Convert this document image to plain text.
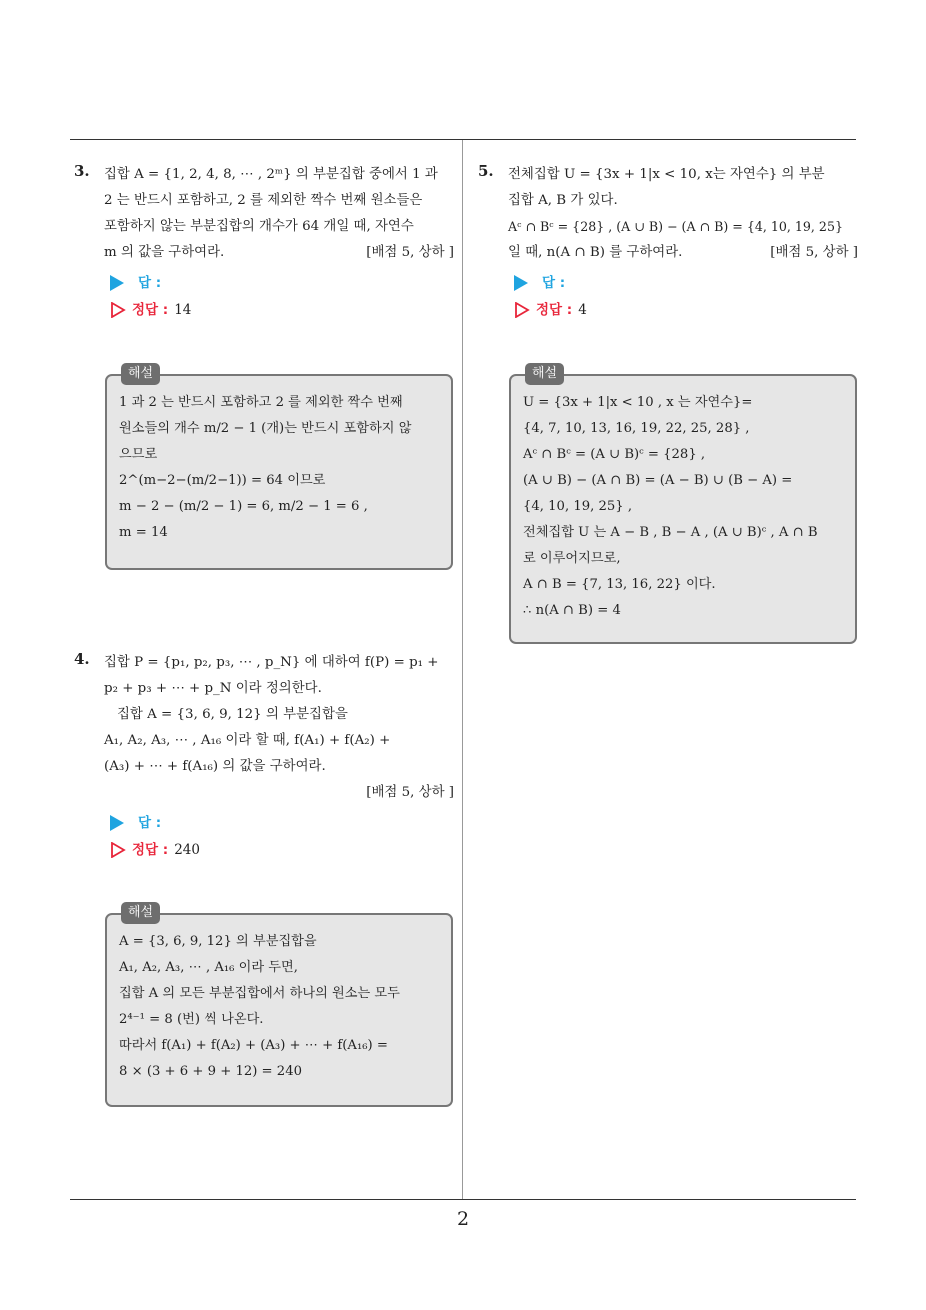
2
3. 집합 A = {1, 2, 4, 8, ⋯ , 2ᵐ} 의 부분집합 중에서 1 과
2 는 반드시 포함하고, 2 를 제외한 짝수 번째 원소들은
포함하지 않는 부분집합의 개수가 64 개일 때, 자연수
m 의 값을 구하여라.	[배점 5, 상하 ]
답 :
정답 : 14
해설
1 과 2 는 반드시 포함하고 2 를 제외한 짝수 번째
원소들의 개수 m/2 − 1 (개)는 반드시 포함하지 않
으므로
2^(m−2−(m/2−1)) = 64 이므로
m − 2 − (m/2 − 1) = 6, m/2 − 1 = 6 ,
m = 14
4. 집합 P = {p₁, p₂, p₃, ⋯ , p_N} 에 대하여 f(P) = p₁ +
p₂ + p₃ + ⋯ + p_N 이라 정의한다.
집합 A = {3, 6, 9, 12} 의 부분집합을
A₁, A₂, A₃, ⋯ , A₁₆ 이라 할 때, f(A₁) + f(A₂) +
(A₃) + ⋯ + f(A₁₆) 의 값을 구하여라.
[배점 5, 상하 ]
답 :
정답 : 240
해설
A = {3, 6, 9, 12} 의 부분집합을
A₁, A₂, A₃, ⋯ , A₁₆ 이라 두면,
집합 A 의 모든 부분집합에서 하나의 원소는 모두
2⁴⁻¹ = 8 (번) 씩 나온다.
따라서 f(A₁) + f(A₂) + (A₃) + ⋯ + f(A₁₆) =
8 × (3 + 6 + 9 + 12) = 240
5. 전체집합 U = {3x + 1|x < 10, x는 자연수} 의 부분
집합 A, B 가 있다.
Aᶜ ∩ Bᶜ = {28} , (A ∪ B) − (A ∩ B) = {4, 10, 19, 25}
일 때, n(A ∩ B) 를 구하여라.	[배점 5, 상하 ]
답 :
정답 : 4
해설
U = {3x + 1|x < 10 , x 는 자연수}=
{4, 7, 10, 13, 16, 19, 22, 25, 28} ,
Aᶜ ∩ Bᶜ = (A ∪ B)ᶜ = {28} ,
(A ∪ B) − (A ∩ B) = (A − B) ∪ (B − A) =
{4, 10, 19, 25} ,
전체집합 U 는 A − B , B − A , (A ∪ B)ᶜ , A ∩ B
로 이루어지므로,
A ∩ B = {7, 13, 16, 22} 이다.
∴ n(A ∩ B) = 4
